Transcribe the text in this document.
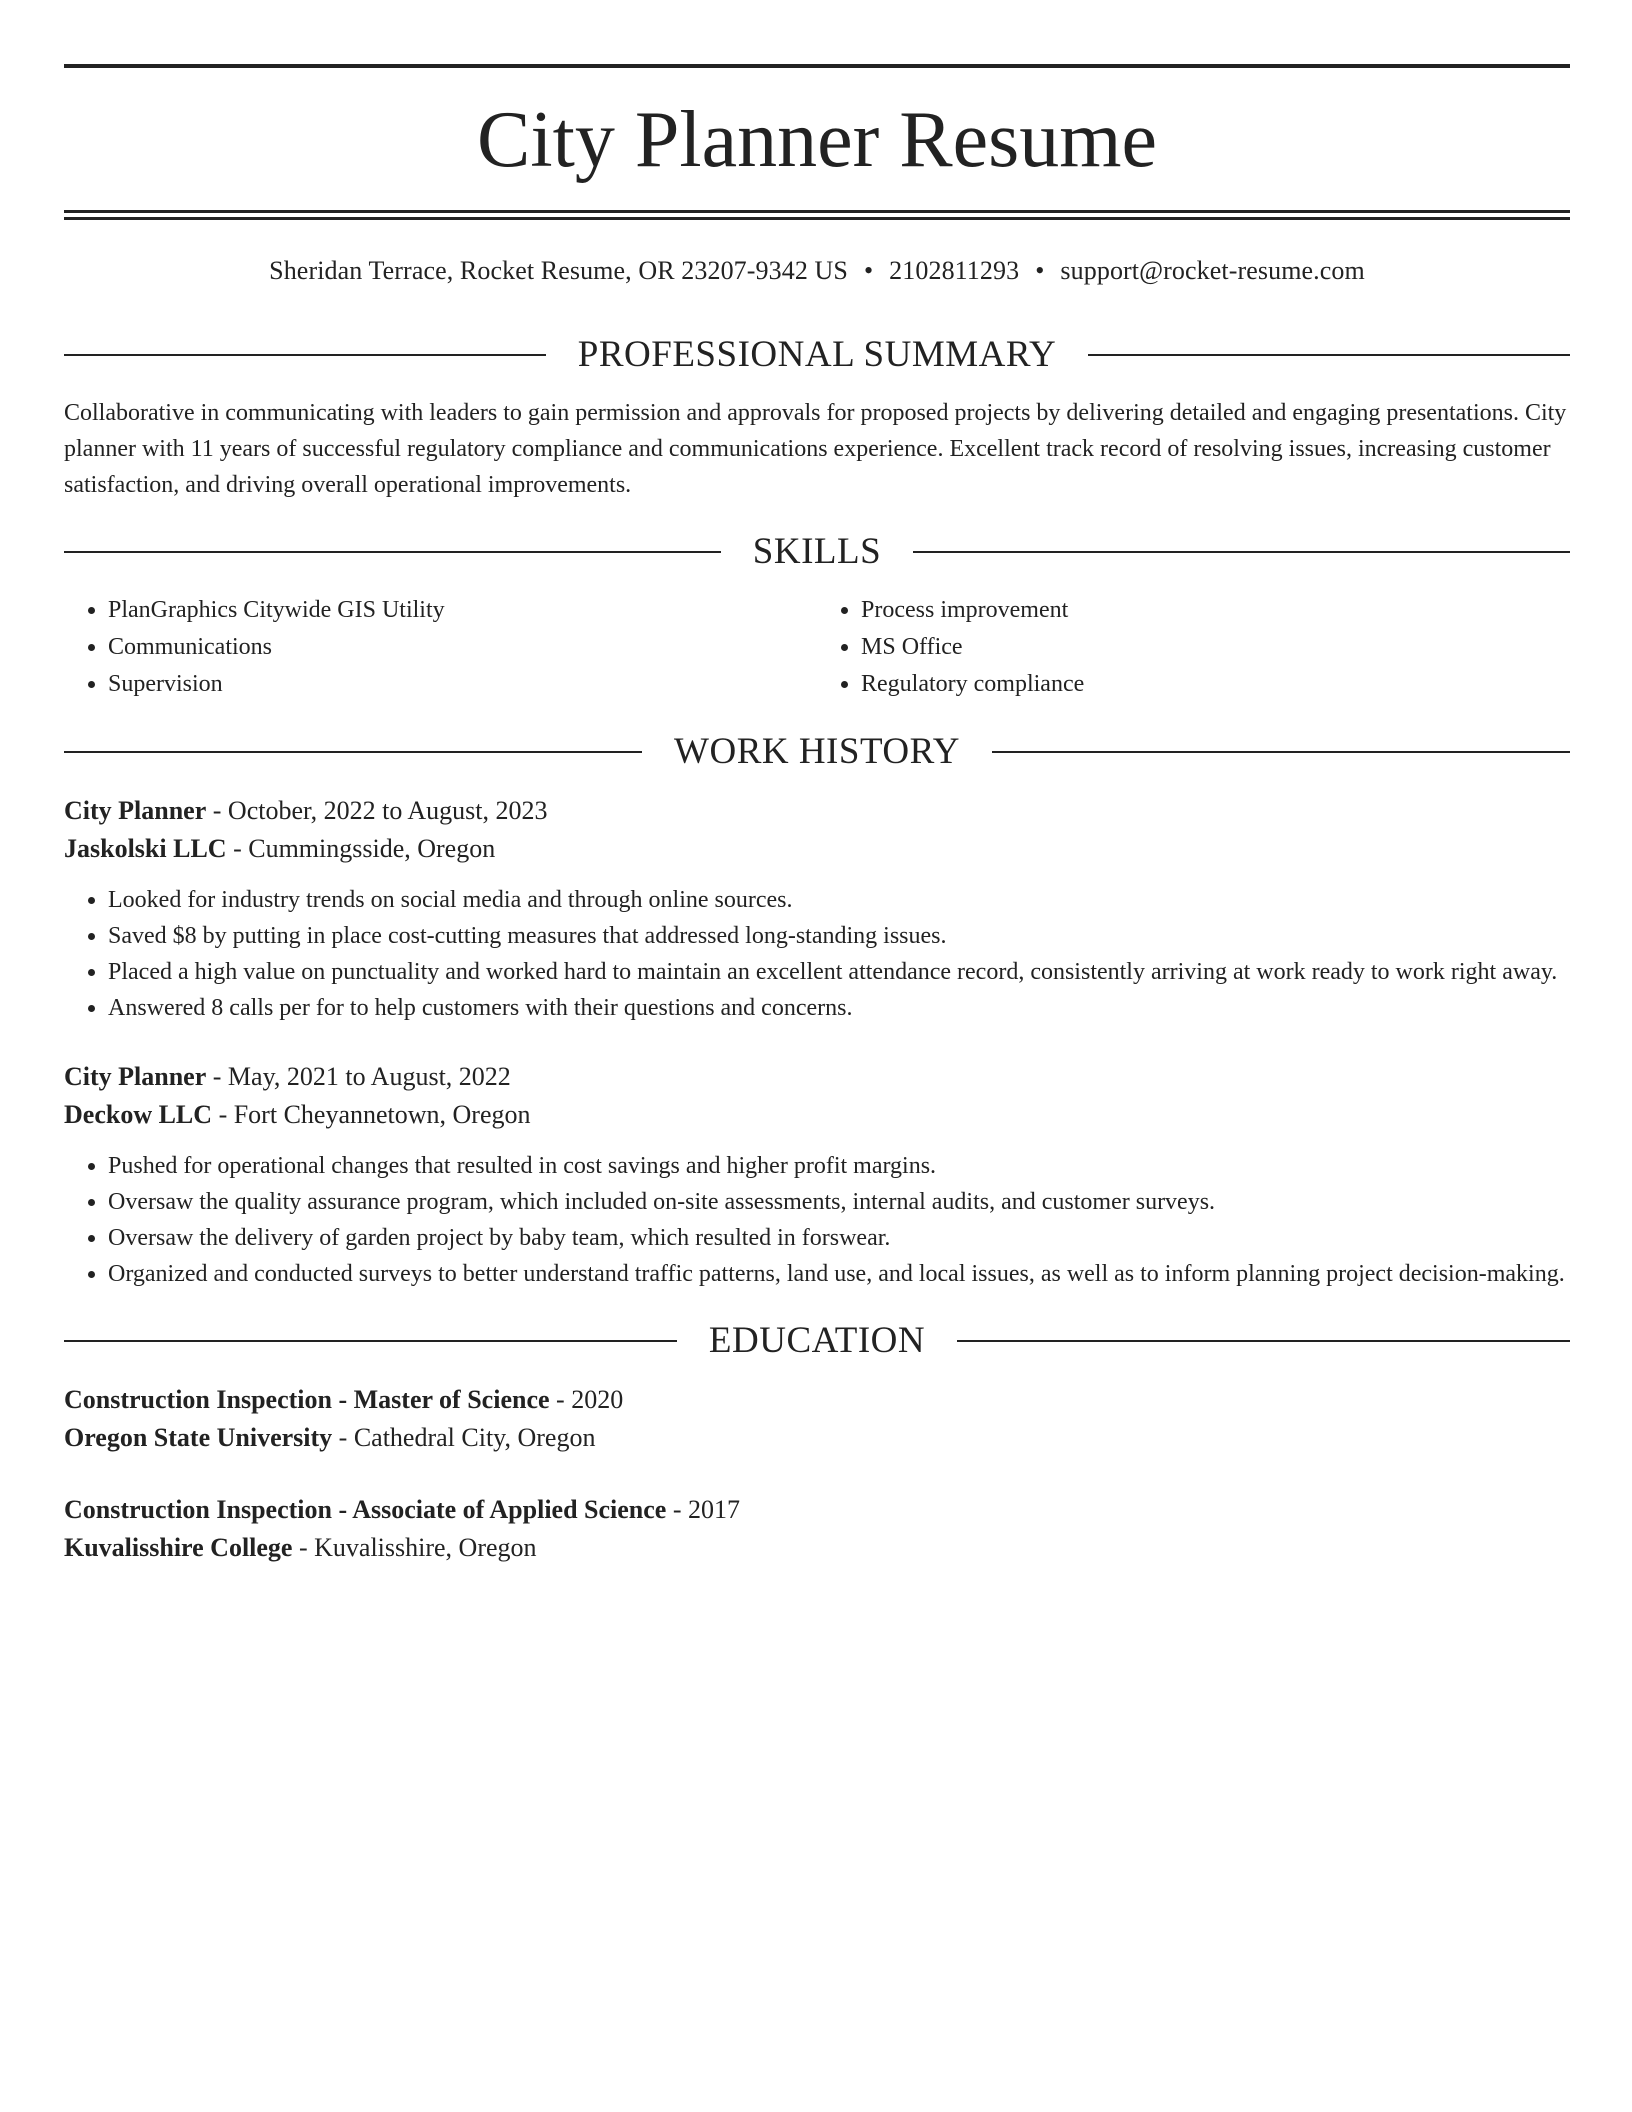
City Planner Resume
Sheridan Terrace, Rocket Resume, OR 23207-9342 US • 2102811293 • support@rocket-resume.com
PROFESSIONAL SUMMARY

Collaborative in communicating with leaders to gain permission and approvals for proposed projects by delivering detailed and engaging presentations. City planner with 11 years of successful regulatory compliance and communications experience. Excellent track record of resolving issues, increasing customer satisfaction, and driving overall operational improvements.

SKILLS
• PlanGraphics Citywide GIS Utility
• Communications
• Supervision
• Process improvement
• MS Office
• Regulatory compliance
WORK HISTORY
City Planner - October, 2022 to August, 2023
Jaskolski LLC - Cummingsside, Oregon
• Looked for industry trends on social media and through online sources.
• Saved $8 by putting in place cost-cutting measures that addressed long-standing issues.
• Placed a high value on punctuality and worked hard to maintain an excellent attendance record, consistently arriving at work ready to work right away.
• Answered 8 calls per for to help customers with their questions and concerns.
City Planner - May, 2021 to August, 2022
Deckow LLC - Fort Cheyannetown, Oregon
• Pushed for operational changes that resulted in cost savings and higher profit margins.
• Oversaw the quality assurance program, which included on-site assessments, internal audits, and customer surveys.
• Oversaw the delivery of garden project by baby team, which resulted in forswear.
• Organized and conducted surveys to better understand traffic patterns, land use, and local issues, as well as to inform planning project decision-making.
EDUCATION
Construction Inspection - Master of Science - 2020
Oregon State University - Cathedral City, Oregon
Construction Inspection - Associate of Applied Science - 2017
Kuvalisshire College - Kuvalisshire, Oregon
